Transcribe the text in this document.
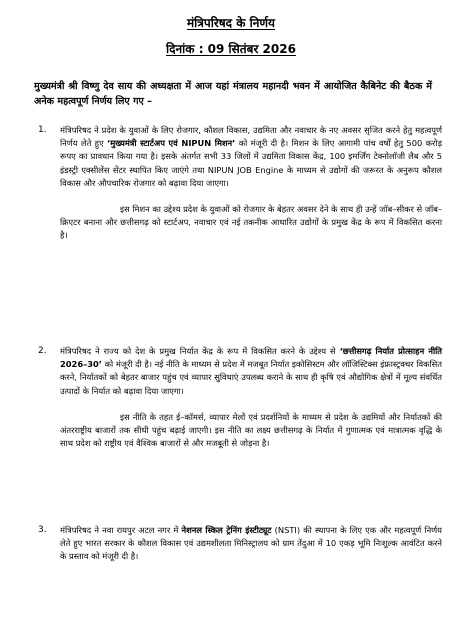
मंत्रिपरिषद के निर्णय
दिनांक : 09 सितंबर 2026

मुख्यमंत्री श्री विष्णु देव साय की अध्यक्षता में आज यहां मंत्रालय महानदी भवन में आयोजित कैबिनेट की बैठक में अनेक महत्वपूर्ण निर्णय लिए गए –

1.	मंत्रिपरिषद ने प्रदेश के युवाओं के लिए रोजगार, कौशल विकास, उद्यमिता और नवाचार के नए अवसर सृजित करने हेतु महत्वपूर्ण निर्णय लेते हुए ‘मुख्यमंत्री स्टार्टअप एवं NIPUN मिशन’ को मंजूरी दी है। मिशन के लिए आगामी पांच वर्षों हेतु 500 करोड़ रूपए का प्रावधान किया गया है। इसके अंतर्गत सभी 33 जिलों में उद्यमिता विकास केंद्र, 100 इमर्जिंग टेक्नोलॉजी लैब और 5 इंडस्ट्री एक्सीलेंस सेंटर स्थापित किए जाएंगे तथा NIPUN JOB Engine के माध्यम से उद्योगों की जरूरत के अनुरूप कौशल विकास और औपचारिक रोजगार को बढ़ावा दिया जाएगा।

इस मिशन का उद्देश्य प्रदेश के युवाओं को रोजगार के बेहतर अवसर देने के साथ ही उन्हें जॉब–सीकर से जॉब–क्रिएटर बनाना और छत्तीसगढ़ को स्टार्टअप, नवाचार एवं नई तकनीक आधारित उद्योगों के प्रमुख केंद्र के रूप में विकसित करना है।

2.	मंत्रिपरिषद ने राज्य को देश के प्रमुख निर्यात केंद्र के रूप में विकसित करने के उद्देश्य से ‘छत्तीसगढ़ निर्यात प्रोत्साहन नीति 2026–30’ को मंजूरी दी है। नई नीति के माध्यम से प्रदेश में मजबूत निर्यात इकोसिस्टम और लॉजिस्टिक्स इंफ्रास्ट्रक्चर विकसित करने, निर्यातकों को बेहतर बाजार पहुंच एवं व्यापार सुविधाएं उपलब्ध कराने के साथ ही कृषि एवं औद्योगिक क्षेत्रों में मूल्य संवर्धित उत्पादों के निर्यात को बढ़ावा दिया जाएगा।

इस नीति के तहत ई–कॉमर्स, व्यापार मेलों एवं प्रदर्शनियों के माध्यम से प्रदेश के उद्यमियों और निर्यातकों की अंतरराष्ट्रीय बाजारों तक सीधी पहुंच बढ़ाई जाएगी। इस नीति का लक्ष्य छत्तीसगढ़ के निर्यात में गुणात्मक एवं मात्रात्मक वृद्धि के साथ प्रदेश को राष्ट्रीय एवं वैश्विक बाजारों से और मजबूती से जोड़ना है।

3.	मंत्रिपरिषद ने नवा रायपुर अटल नगर में नेशनल स्किल ट्रेनिंग इंस्टीट्यूट (NSTI) की स्थापना के लिए एक और महत्वपूर्ण निर्णय लेते हुए भारत सरकार के कौशल विकास एवं उद्यमशीलता मिनिस्ट्रालय को ग्राम तेंदुआ में 10 एकड़ भूमि निःशुल्क आवंटित करने के प्रस्ताव को मंजूरी दी है।
